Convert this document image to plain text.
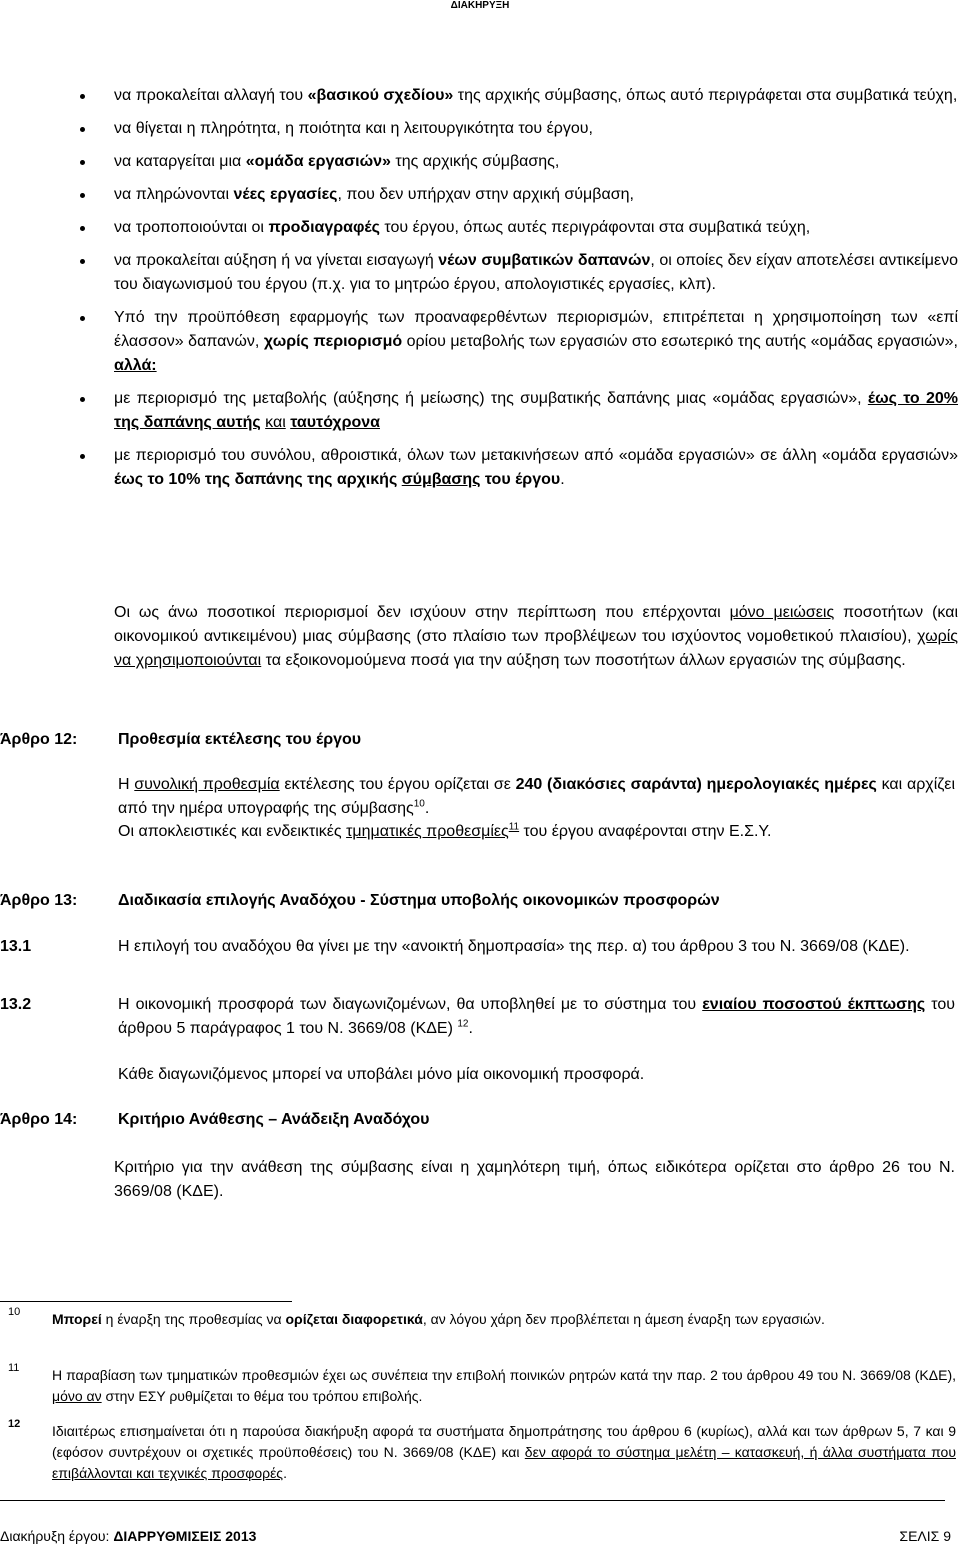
ΔΙΑΚΗΡΥΞΗ
να προκαλείται αλλαγή του «βασικού σχεδίου» της αρχικής σύμβασης, όπως αυτό περιγράφεται στα συμβατικά τεύχη,
να θίγεται η πληρότητα, η ποιότητα και η λειτουργικότητα του έργου,
να καταργείται μια «ομάδα εργασιών» της αρχικής σύμβασης,
να πληρώνονται νέες εργασίες, που δεν υπήρχαν στην αρχική σύμβαση,
να τροποποιούνται οι προδιαγραφές του έργου, όπως αυτές περιγράφονται στα συμβατικά τεύχη,
να προκαλείται αύξηση ή να γίνεται εισαγωγή νέων συμβατικών δαπανών, οι οποίες δεν είχαν αποτελέσει αντικείμενο του διαγωνισμού του έργου (π.χ. για το μητρώο έργου, απολογιστικές εργασίες, κλπ).
Υπό την προϋπόθεση εφαρμογής των προαναφερθέντων περιορισμών, επιτρέπεται η χρησιμοποίηση των «επί έλασσον» δαπανών, χωρίς περιορισμό ορίου μεταβολής των εργασιών στο εσωτερικό της αυτής «ομάδας εργασιών», αλλά:
με περιορισμό της μεταβολής (αύξησης ή μείωσης) της συμβατικής δαπάνης μιας «ομάδας εργασιών», έως το 20% της δαπάνης αυτής και ταυτόχρονα
με περιορισμό του συνόλου, αθροιστικά, όλων των μετακινήσεων από «ομάδα εργασιών» σε άλλη «ομάδα εργασιών» έως το 10% της δαπάνης της αρχικής σύμβασης του έργου.
Οι ως άνω ποσοτικοί περιορισμοί δεν ισχύουν στην περίπτωση που επέρχονται μόνο μειώσεις ποσοτήτων (και οικονομικού αντικειμένου) μιας σύμβασης (στο πλαίσιο των προβλέψεων του ισχύοντος νομοθετικού πλαισίου), χωρίς να χρησιμοποιούνται τα εξοικονομούμενα ποσά για την αύξηση των ποσοτήτων άλλων εργασιών της σύμβασης.
Άρθρο 12:	Προθεσμία εκτέλεσης του έργου
Η συνολική προθεσμία εκτέλεσης του έργου ορίζεται σε 240 (διακόσιες σαράντα) ημερολογιακές ημέρες και αρχίζει από την ημέρα υπογραφής της σύμβασης$^{10}$.
Οι αποκλειστικές και ενδεικτικές τμηματικές προθεσμίες$^{11}$ του έργου αναφέρονται στην Ε.Σ.Υ.
Άρθρο 13:	Διαδικασία επιλογής Αναδόχου - Σύστημα υποβολής οικονομικών προσφορών
13.1	Η επιλογή του αναδόχου θα γίνει με την «ανοικτή δημοπρασία» της περ. α) του άρθρου 3 του Ν. 3669/08 (ΚΔΕ).
13.2	Η οικονομική προσφορά των διαγωνιζομένων, θα υποβληθεί με το σύστημα του ενιαίου ποσοστού έκπτωσης του άρθρου 5 παράγραφος 1 του Ν. 3669/08 (ΚΔΕ) $^{12}$.
Κάθε διαγωνιζόμενος μπορεί να υποβάλει μόνο μία οικονομική προσφορά.
Άρθρο 14:	Κριτήριο Ανάθεσης – Ανάδειξη Αναδόχου
Κριτήριο για την ανάθεση της σύμβασης είναι η χαμηλότερη τιμή, όπως ειδικότερα ορίζεται στο άρθρο 26 του Ν. 3669/08 (ΚΔΕ).
10 Μπορεί η έναρξη της προθεσμίας να ορίζεται διαφορετικά, αν λόγου χάρη δεν προβλέπεται η άμεση έναρξη των εργασιών.
11 Η παραβίαση των τμηματικών προθεσμιών έχει ως συνέπεια την επιβολή ποινικών ρητρών κατά την παρ. 2 του άρθρου 49 του Ν. 3669/08 (ΚΔΕ), μόνο αν στην ΕΣΥ ρυθμίζεται το θέμα του τρόπου επιβολής.
12 Ιδιαιτέρως επισημαίνεται ότι η παρούσα διακήρυξη αφορά τα συστήματα δημοπράτησης του άρθρου 6 (κυρίως), αλλά και των άρθρων 5, 7 και 9 (εφόσον συντρέχουν οι σχετικές προϋποθέσεις) του Ν. 3669/08 (ΚΔΕ) και δεν αφορά το σύστημα μελέτη – κατασκευή, ή άλλα συστήματα που επιβάλλονται και τεχνικές προσφορές.
Διακήρυξη έργου: ΔΙΑΡΡΥΘΜΙΣΕΙΣ 2013	ΣΕΛΙΣ 9
